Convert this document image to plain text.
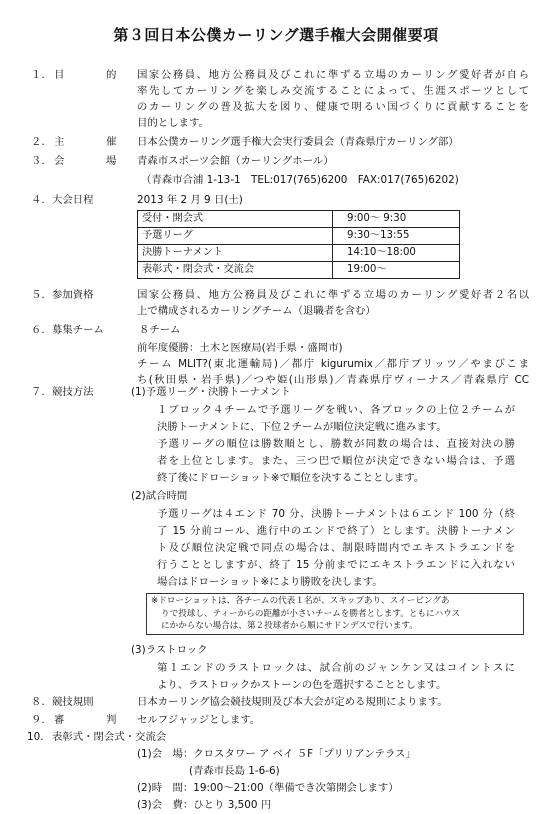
第３回日本公僕カーリング選手権大会開催要項
１. 目	的 国家公務員、地方公務員及びこれに準ずる立場のカーリング愛好者が自ら
率先してカーリングを楽しみ交流することによって、生涯スポーツとして
のカーリングの普及拡大を図り、健康で明るい国づくりに貢献することを
目的とします。
２. 主	催 日本公僕カーリング選手権大会実行委員会（青森県庁カーリング部）
３. 会	場 青森市スポーツ会館（カーリングホール）
（青森市合浦 1-13-1　TEL:017(765)6200　FAX:017(765)6202)
４. 大会日程	2013 年 2 月 9 日(土)
受付・開会式	9:00～ 9:30
予選リーグ	9:30～13:55
決勝トーナメント	14:10～18:00
表彰式・閉会式・交流会	19:00～
５. 参加資格	国家公務員、地方公務員及びこれに準ずる立場のカーリング愛好者２名以
上で構成されるカーリングチーム（退職者を含む）
６. 募集チーム	８チーム
前年度優勝：土木と医療局(岩手県・盛岡市)
チーム MLIT?(東北運輸局)／都庁 kigurumix／都庁ブリッツ／やまびこま
ち(秋田県・岩手県)／つや姫(山形県)／青森県庁ヴィーナス／青森県庁 CC
７. 競技方法	(1)予選リーグ・決勝トーナメント
１ブロック４チームで予選リーグを戦い、各ブロックの上位２チームが
決勝トーナメントに、下位２チームが順位決定戦に進みます。
予選リーグの順位は勝数順とし、勝数が同数の場合は、直接対決の勝
者を上位とします。また、三つ巴で順位が決定できない場合は、予選
終了後にドローショット※で順位を決することとします。
(2)試合時間
予選リーグは４エンド 70 分、決勝トーナメントは６エンド 100 分（終
了 15 分前コール、進行中のエンドで終了）とします。決勝トーナメン
ト及び順位決定戦で同点の場合は、制限時間内でエキストラエンドを
行うこととしますが、終了 15 分前までにエキストラエンドに入れない
場合はドローショット※により勝敗を決します。
※ドローショットは、各チームの代表１名が、スキップあり、スイーピングあ
りで投球し、ティーからの距離が小さいチームを勝者とします。ともにハウス
にかからない場合は、第２投球者から順にサドンデスで行います。
(3)ラストロック
第１エンドのラストロックは、試合前のジャンケン又はコイントスに
より、ラストロックかストーンの色を選択することとします。
８. 競技規則	日本カーリング協会競技規則及び本大会が定める規則によります。
９. 審	判 セルフジャッジとします。
10. 表彰式・閉会式・交流会
(1)会　場：クロスタワー ア ベイ ５F「プリリアンテラス」
　　　　　(青森市長島 1-6-6)
(2)時　間：19:00～21:00（準備でき次第開会します）
(3)会　費：ひとり 3,500 円
